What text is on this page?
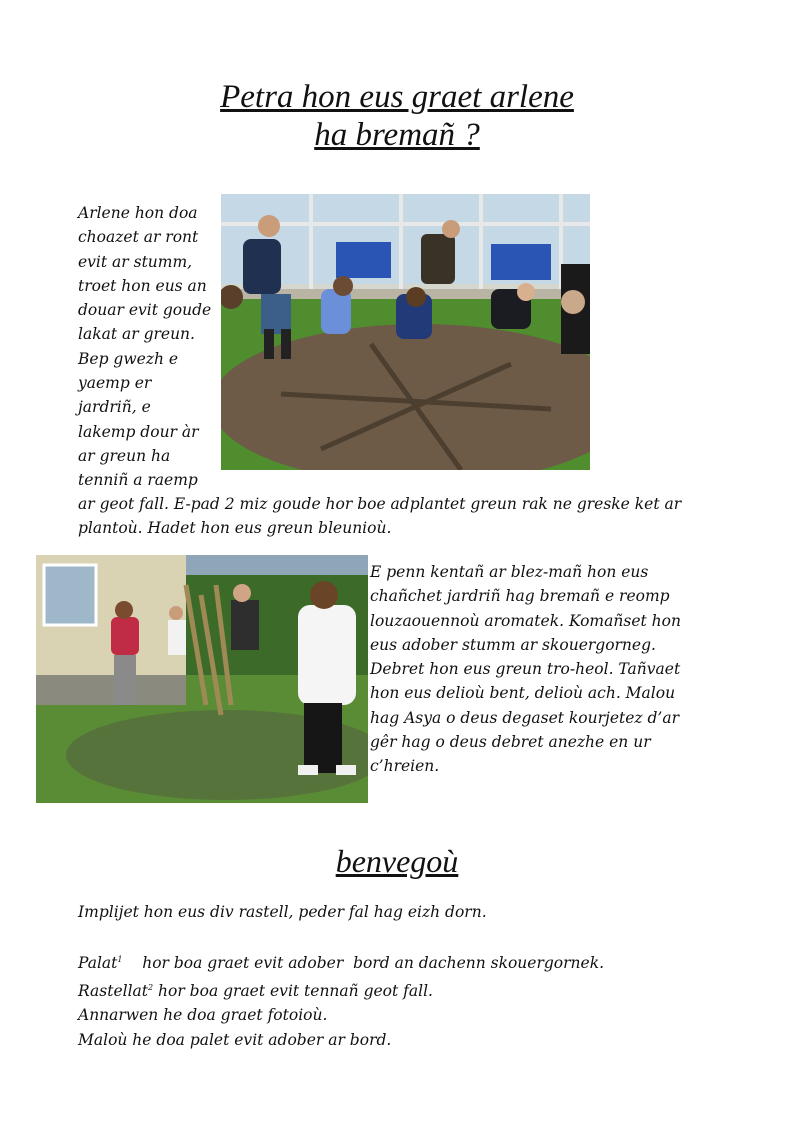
Petra hon eus graet arlene
ha bremañ ?

Arlene hon doa
choazet ar ront
evit ar stumm,
troet hon eus an
douar evit goude
lakat ar greun.
Bep gwezh e
yaemp er
jardriñ, e
lakemp dour àr
ar greun ha
tenniñ a raemp

ar geot fall. E-pad 2 miz goude hor boe adplantet greun rak ne greske ket ar
plantoù. Hadet hon eus greun bleunioù.

E penn kentañ ar blez-mañ hon eus
chañchet jardriñ hag bremañ e reomp
louzaouennoù aromatek. Komañset hon
eus adober stumm ar skouergorneg.
Debret hon eus greun tro-heol. Tañvaet
hon eus delioù bent, delioù ach. Malou
hag Asya o deus degaset kourjetez d’ar
gêr hag o deus debret anezhe en ur
c’hreien.

benvegoù

Implijet hon eus div rastell, peder fal hag eizh dorn.

Palat$^1$    hor boa graet evit adober  bord an dachenn skouergornek.

Rastellat$^2$ hor boa graet evit tennañ geot fall.

Annarwen he doa graet fotoioù.

Maloù he doa palet evit adober ar bord.
